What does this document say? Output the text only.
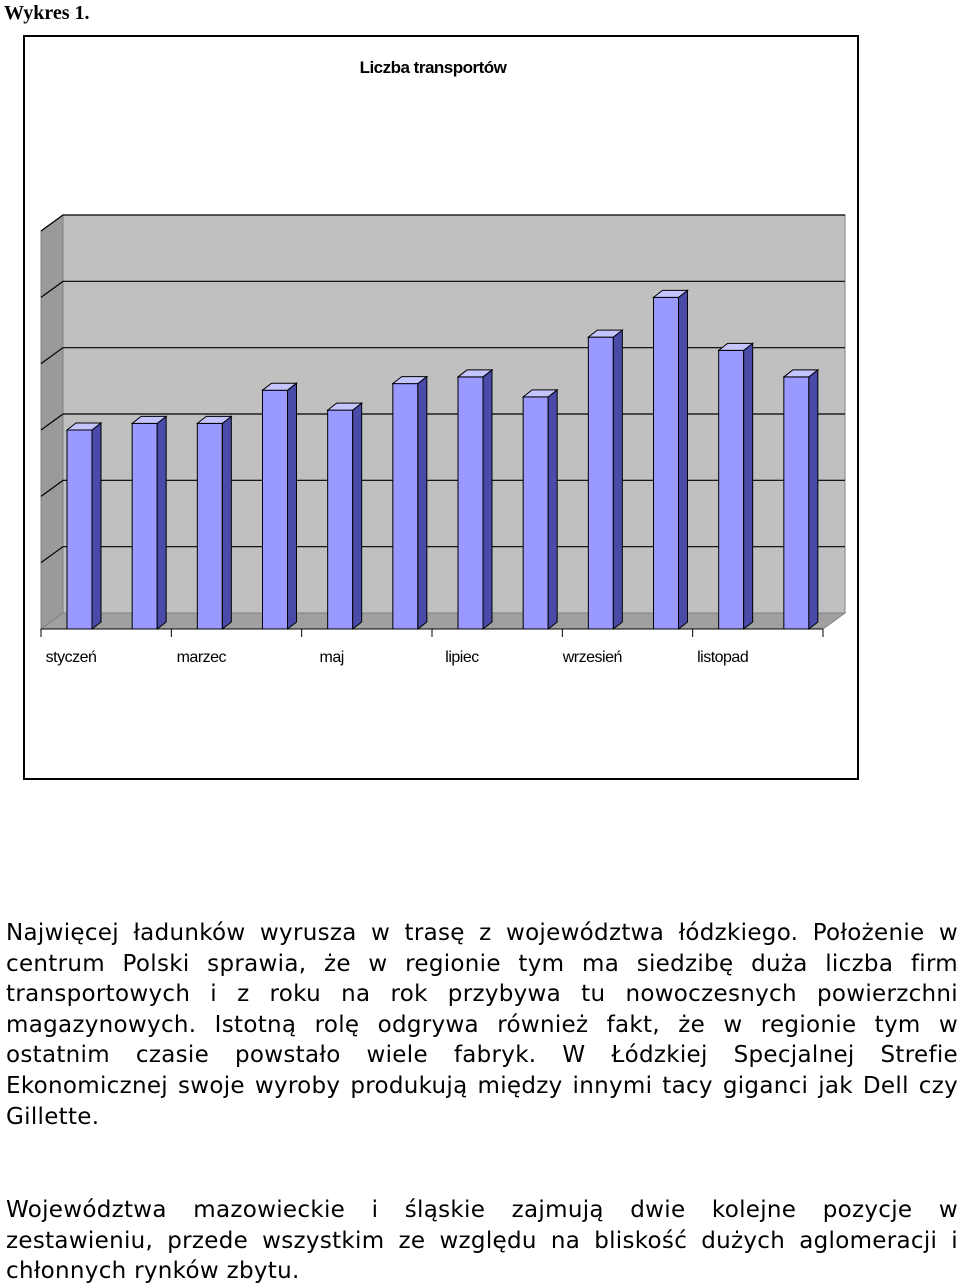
Wykres 1.
Liczba transportów
styczeń	marzec	maj	lipiec	wrzesień	listopad

Najwięcej ładunków wyrusza w trasę z województwa łódzkiego. Położenie w centrum Polski sprawia, że w regionie tym ma siedzibę duża liczba firm transportowych i z roku na rok przybywa tu nowoczesnych powierzchni magazynowych. Istotną rolę odgrywa również fakt, że w regionie tym w ostatnim czasie powstało wiele fabryk. W Łódzkiej Specjalnej Strefie Ekonomicznej swoje wyroby produkują między innymi tacy giganci jak Dell czy Gillette.

Województwa mazowieckie i śląskie zajmują dwie kolejne pozycje w zestawieniu, przede wszystkim ze względu na bliskość dużych aglomeracji i chłonnych rynków zbytu.
